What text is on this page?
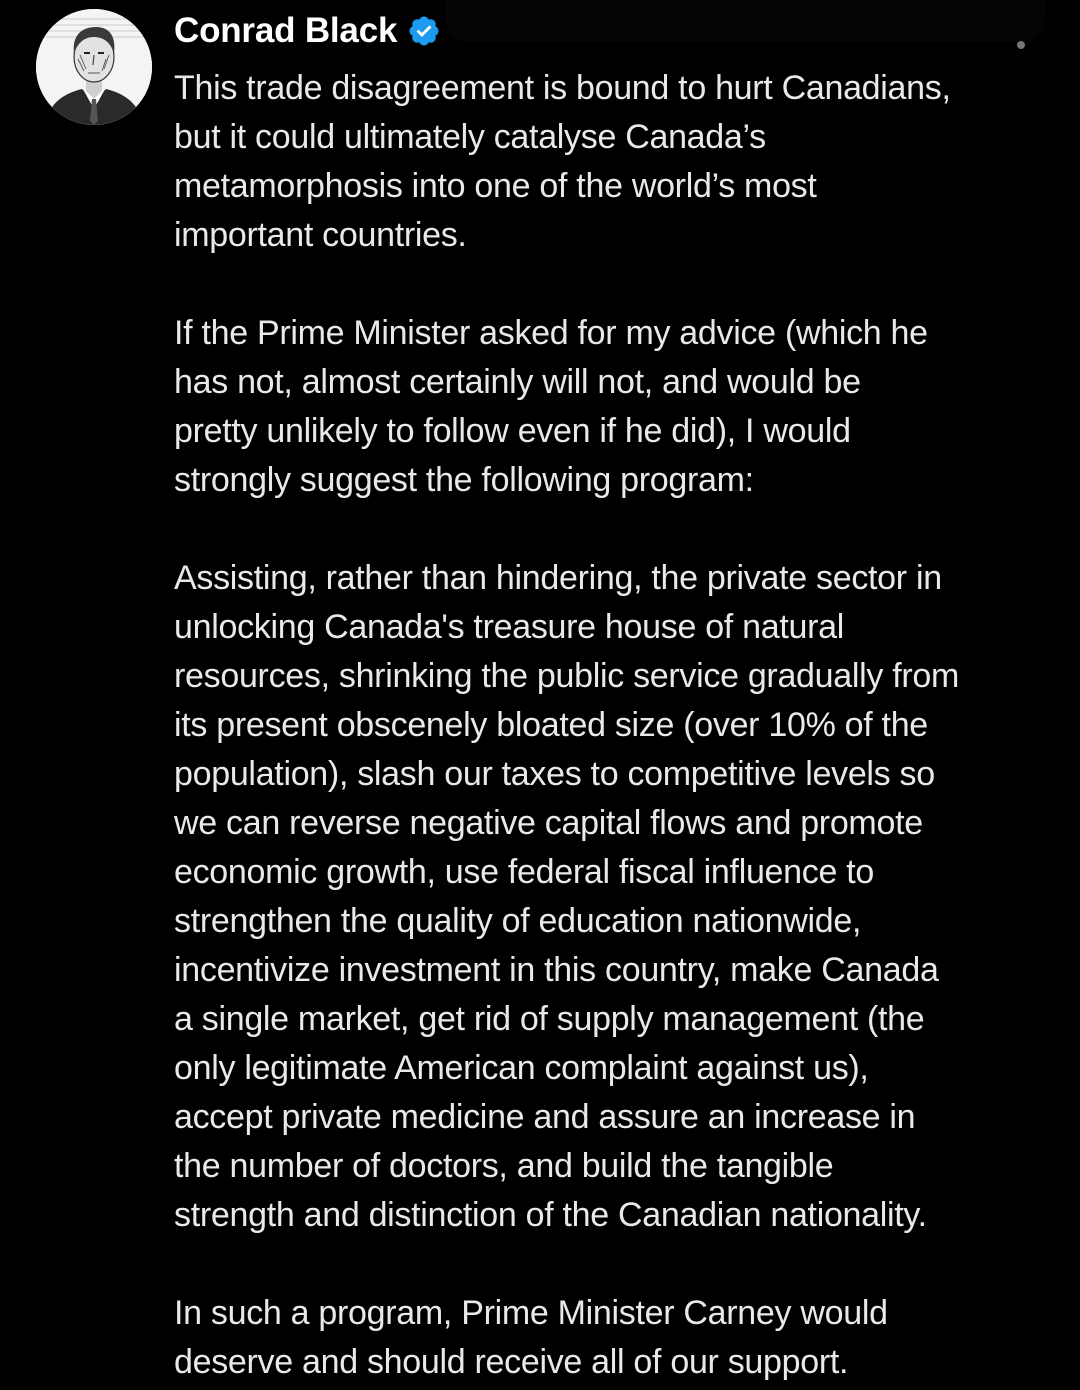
Conrad Black

This trade disagreement is bound to hurt Canadians,
but it could ultimately catalyse Canada’s
metamorphosis into one of the world’s most
important countries.

If the Prime Minister asked for my advice (which he
has not, almost certainly will not, and would be
pretty unlikely to follow even if he did), I would
strongly suggest the following program:

Assisting, rather than hindering, the private sector in
unlocking Canada's treasure house of natural
resources, shrinking the public service gradually from
its present obscenely bloated size (over 10% of the
population), slash our taxes to competitive levels so
we can reverse negative capital flows and promote
economic growth, use federal fiscal influence to
strengthen the quality of education nationwide,
incentivize investment in this country, make Canada
a single market, get rid of supply management (the
only legitimate American complaint against us),
accept private medicine and assure an increase in
the number of doctors, and build the tangible
strength and distinction of the Canadian nationality.

In such a program, Prime Minister Carney would
deserve and should receive all of our support.
